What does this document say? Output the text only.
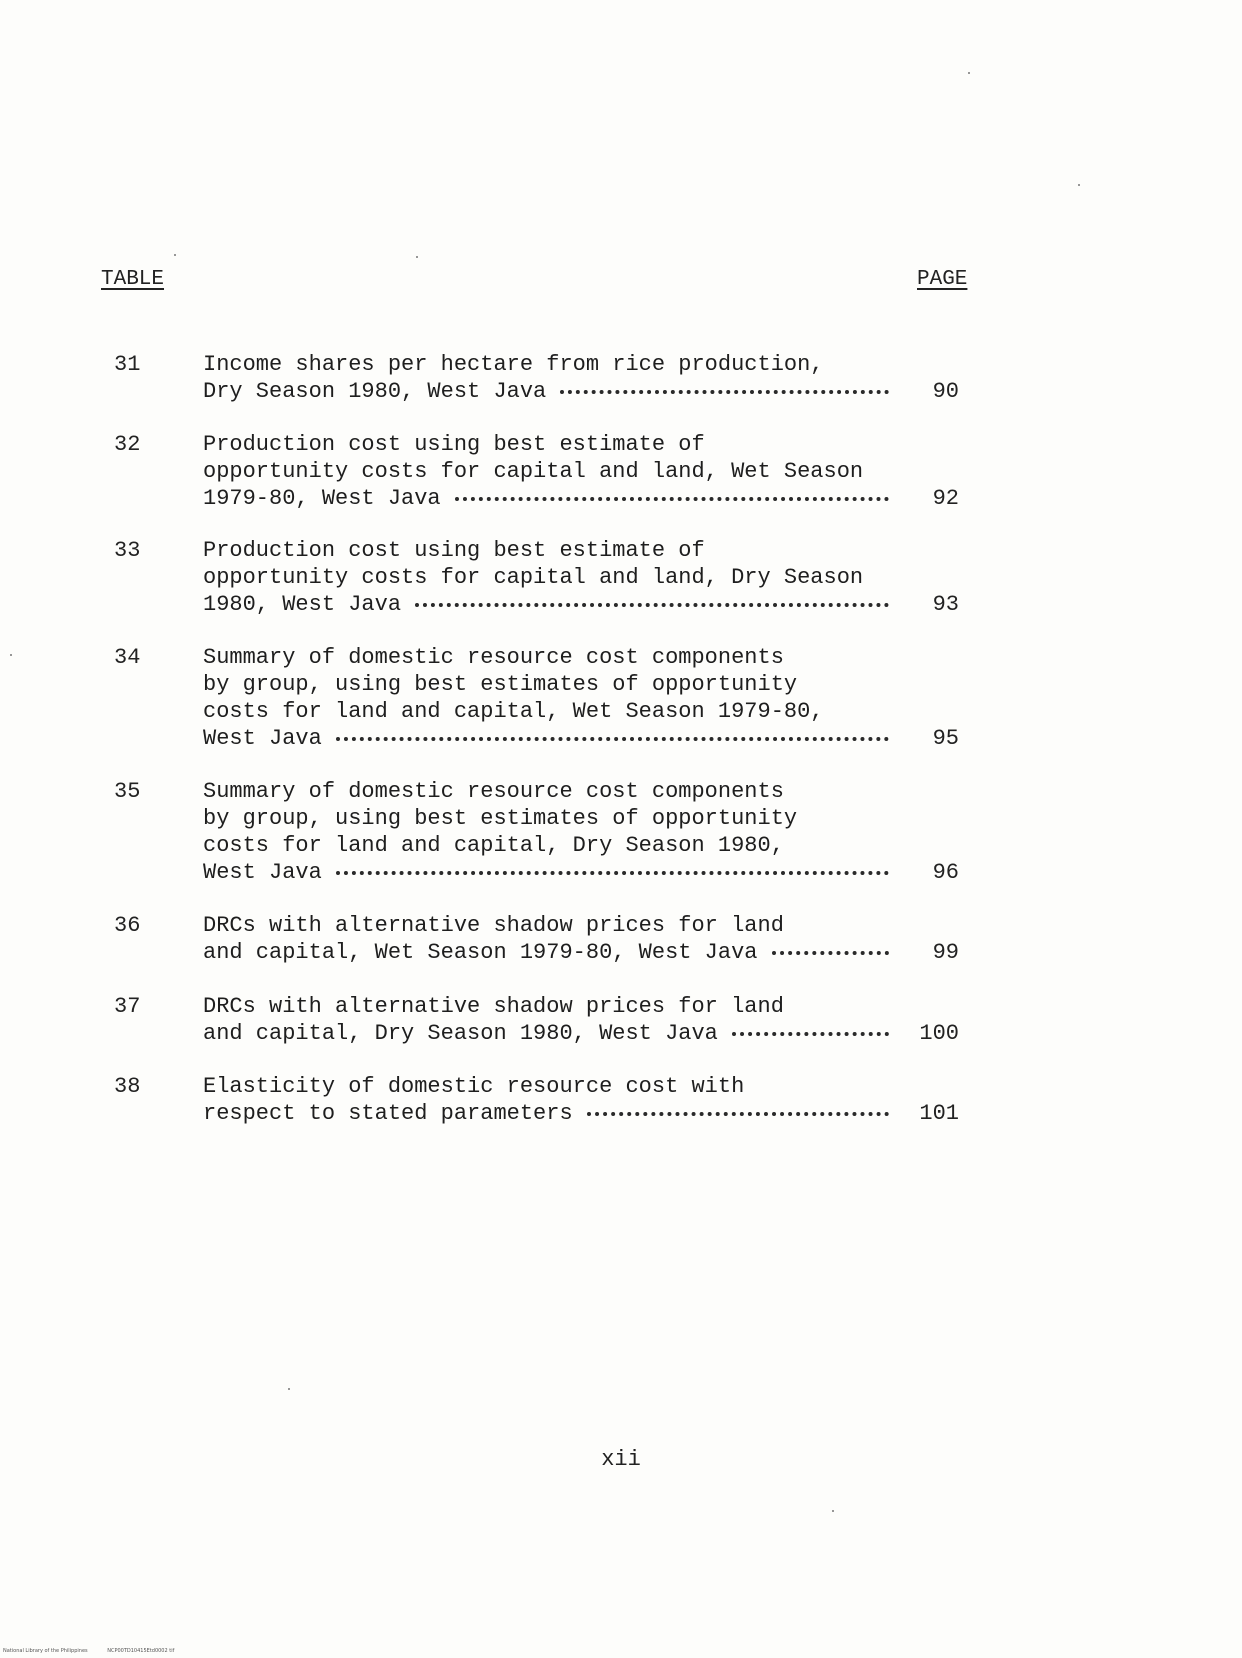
TABLE	PAGE
31	Income shares per hectare from rice production,
Dry Season 1980, West Java	90
32	Production cost using best estimate of
opportunity costs for capital and land, Wet Season
1979-80, West Java	92
33	Production cost using best estimate of
opportunity costs for capital and land, Dry Season
1980, West Java	93
34	Summary of domestic resource cost components
by group, using best estimates of opportunity
costs for land and capital, Wet Season 1979-80,
West Java	95
35	Summary of domestic resource cost components
by group, using best estimates of opportunity
costs for land and capital, Dry Season 1980,
West Java	96
36	DRCs with alternative shadow prices for land
and capital, Wet Season 1979-80, West Java	99
37	DRCs with alternative shadow prices for land
and capital, Dry Season 1980, West Java	100
38	Elasticity of domestic resource cost with
respect to stated parameters	101
xii
National Library of the Philippines	NCP00TD10415Etd0002 tif
